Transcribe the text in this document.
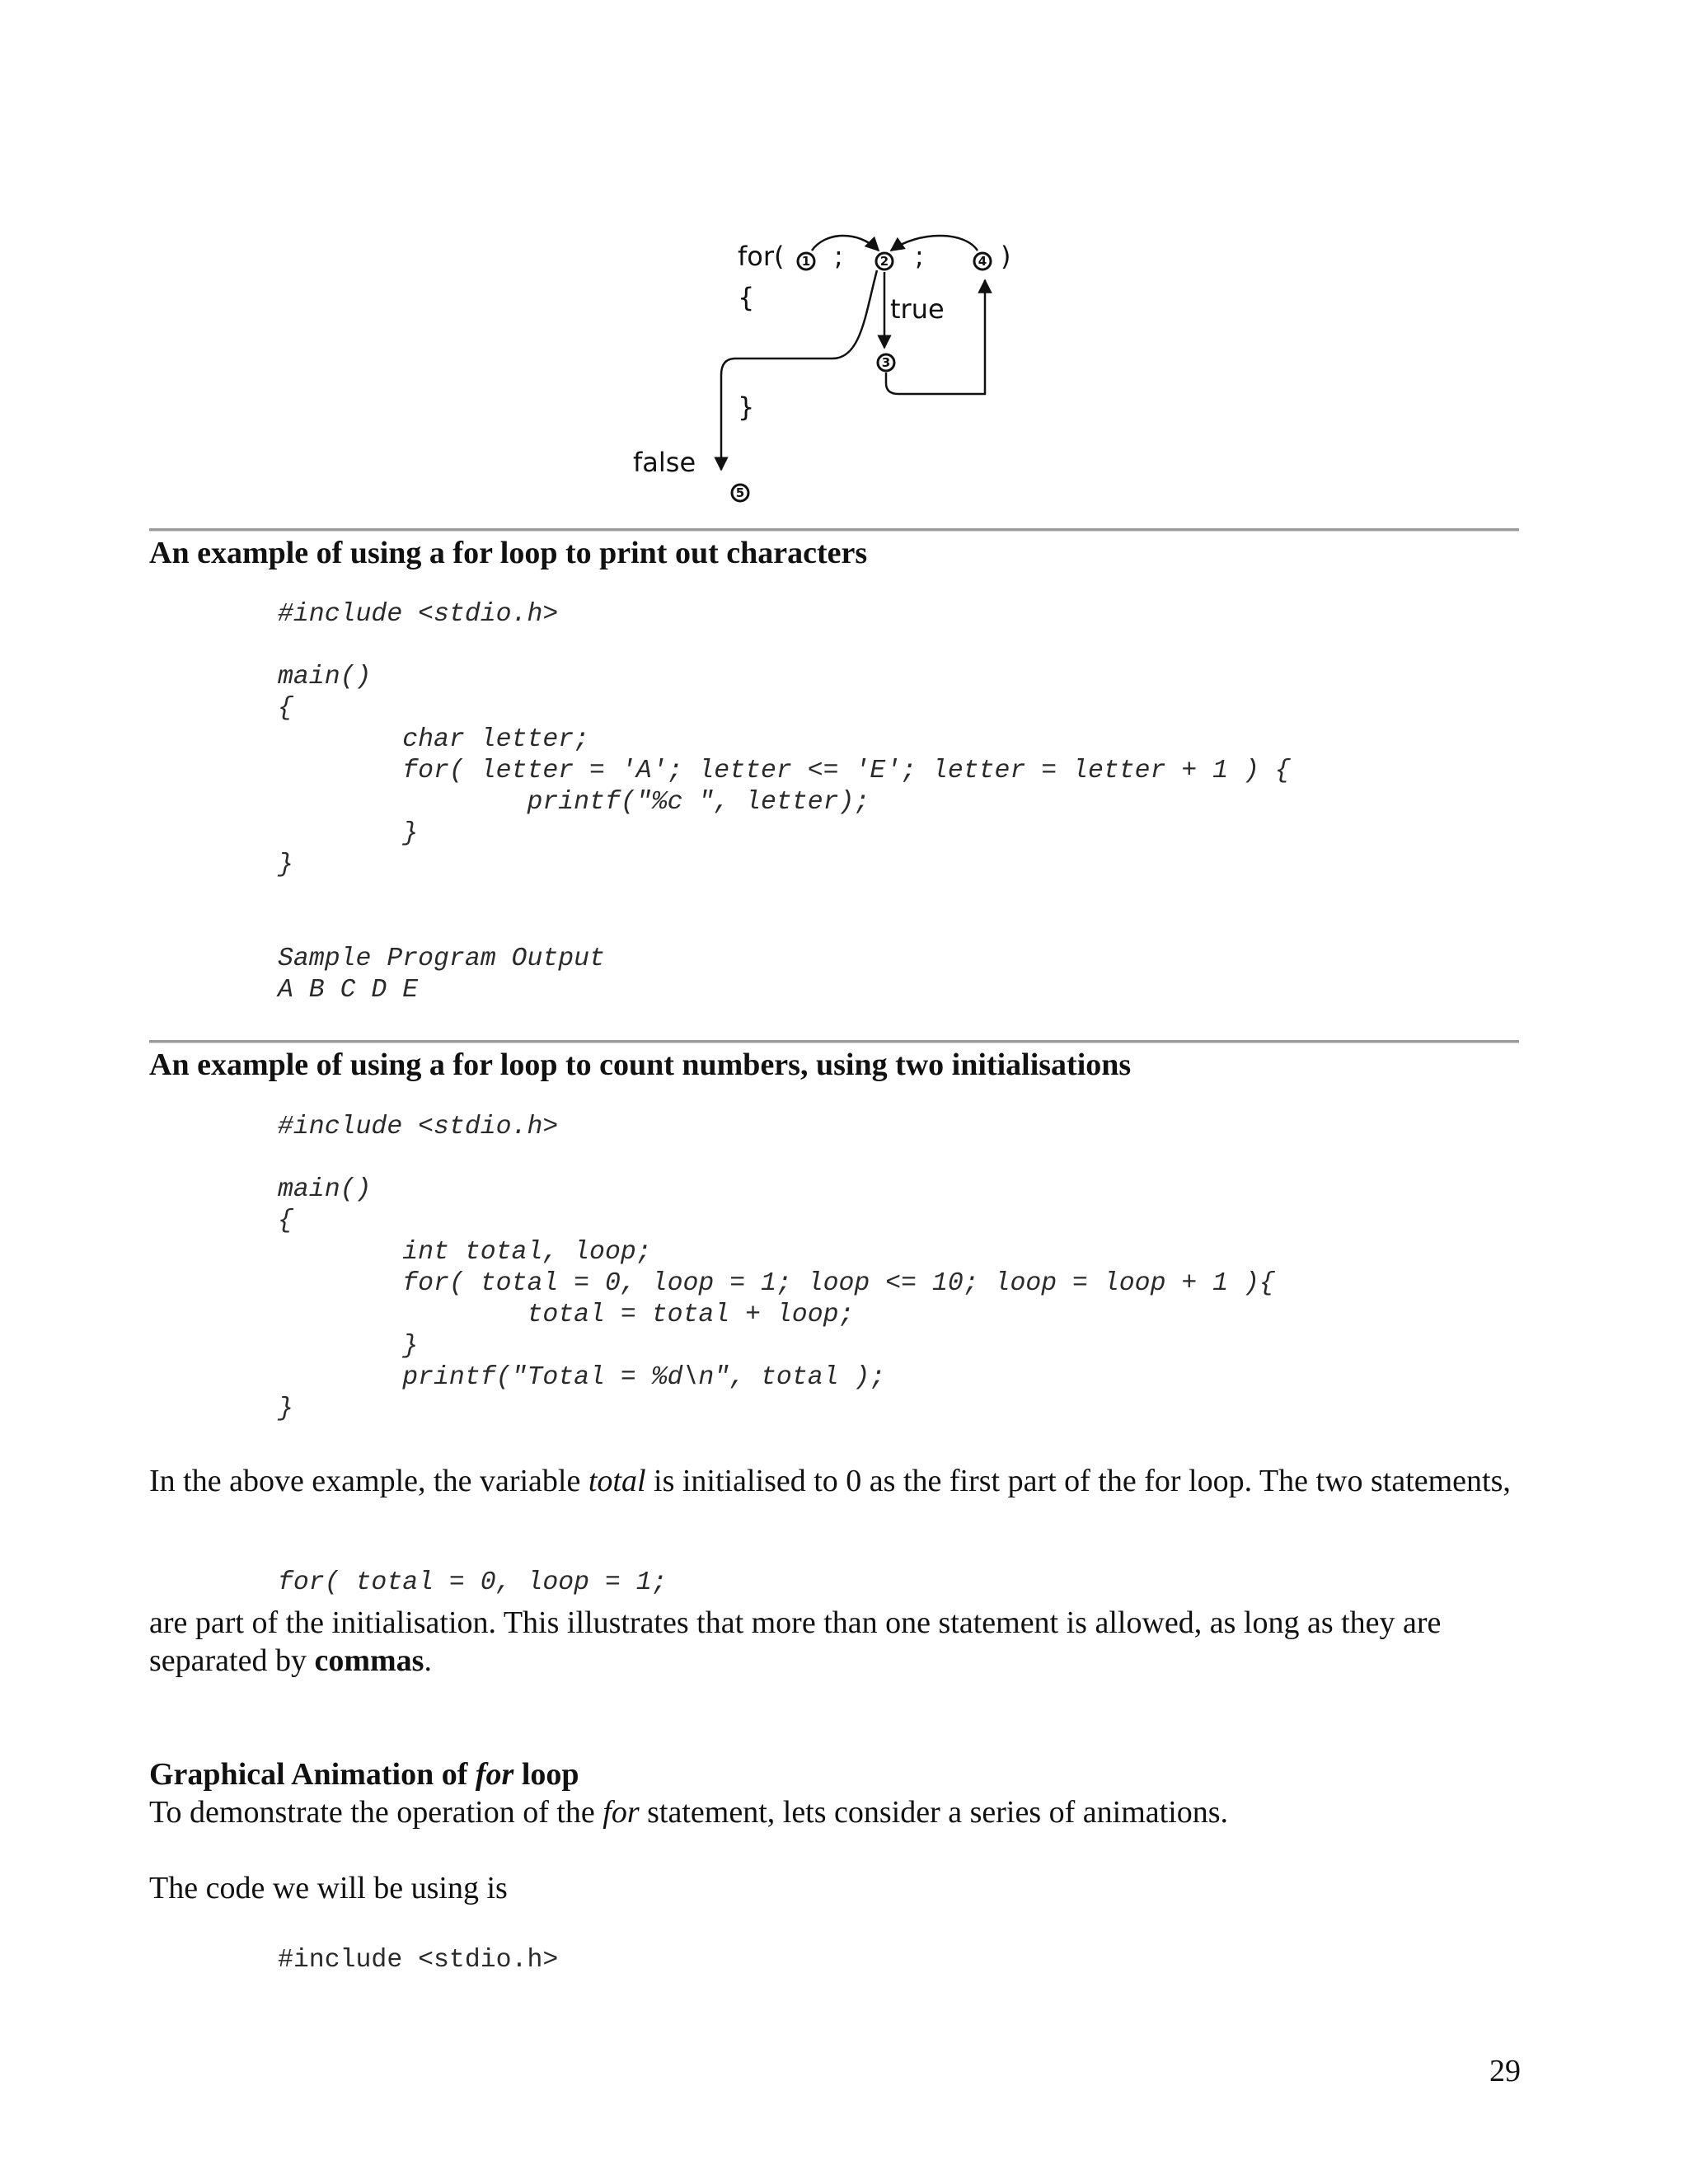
for(
{
;	;	)
true
}
false
1	2	4
3
5
An example of using a for loop to print out characters
#include <stdio.h>

main()
{
char letter;
for( letter = 'A'; letter <= 'E'; letter = letter + 1 ) {
printf("%c ", letter);
}
}

Sample Program Output
A B C D E
An example of using a for loop to count numbers, using two initialisations
#include <stdio.h>

main()
{
int total, loop;
for( total = 0, loop = 1; loop <= 10; loop = loop + 1 ){
total = total + loop;
}
printf("Total = %d\n", total );
}

In the above example, the variable total is initialised to 0 as the first part of the for loop. The two statements,

for( total = 0, loop = 1;

are part of the initialisation. This illustrates that more than one statement is allowed, as long as they are separated by commas.

Graphical Animation of for loop

To demonstrate the operation of the for statement, lets consider a series of animations.

The code we will be using is

#include <stdio.h>
29
